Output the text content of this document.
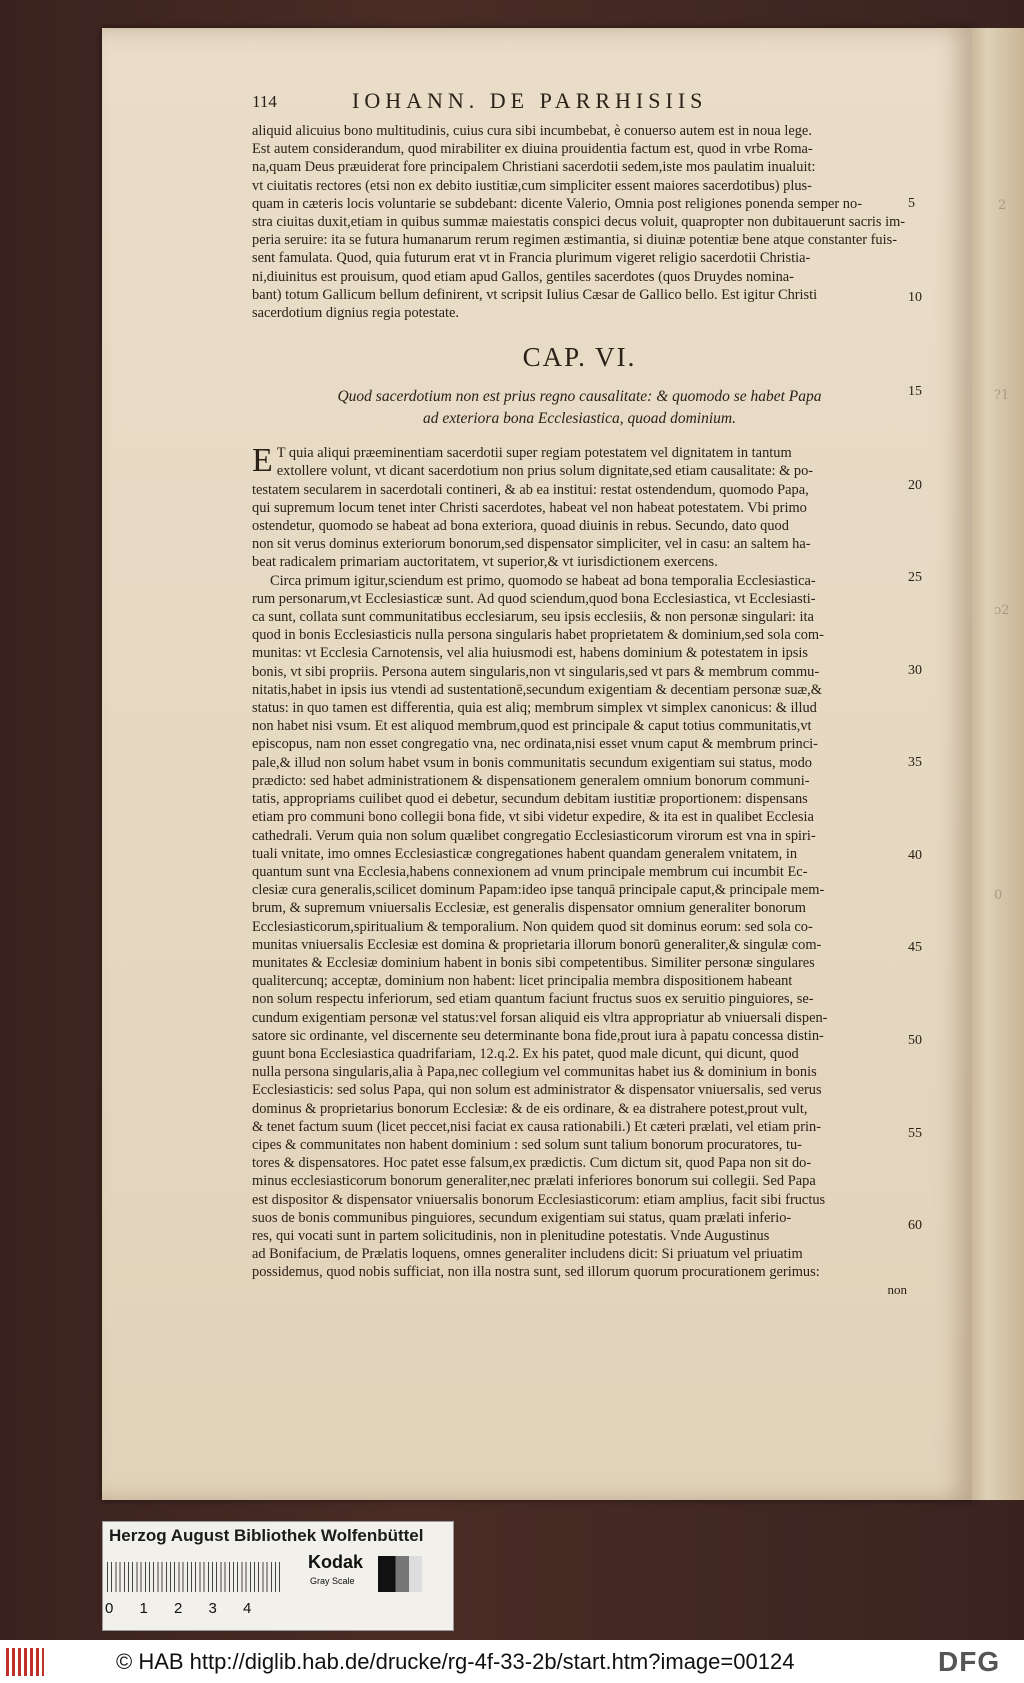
2
?1
ɔ2
0
114	IOHANN. DE PARRHISIIS

aliquid alicuius bono multitudinis, cuius cura sibi incumbebat, è conuerso autem est in noua lege.
Est autem considerandum, quod mirabiliter ex diuina prouidentia factum est, quod in vrbe Roma-
na,quam Deus præuiderat fore principalem Christiani sacerdotii sedem,iste mos paulatim inualuit:
vt ciuitatis rectores (etsi non ex debito iustitiæ,cum simpliciter essent maiores sacerdotibus) plus-
quam in cæteris locis voluntarie se subdebant: dicente Valerio, Omnia post religiones ponenda semper no-
stra ciuitas duxit,etiam in quibus summæ maiestatis conspici decus voluit, quapropter non dubitauerunt sacris im-
peria seruire: ita se futura humanarum rerum regimen æstimantia, si diuinæ potentiæ bene atque constanter fuis-
sent famulata. Quod, quia futurum erat vt in Francia plurimum vigeret religio sacerdotii Christia-
ni,diuinitus est prouisum, quod etiam apud Gallos, gentiles sacerdotes (quos Druydes nomina-
bant) totum Gallicum bellum definirent, vt scripsit Iulius Cæsar de Gallico bello. Est igitur Christi
sacerdotium dignius regia potestate.

CAP. VI.
Quod sacerdotium non est prius regno causalitate: & quomodo se habet Papa
ad exteriora bona Ecclesiastica, quoad dominium.

E T quia aliqui præeminentiam sacerdotii super regiam potestatem vel dignitatem in tantum
extollere volunt, vt dicant sacerdotium non prius solum dignitate,sed etiam causalitate: & po-
testatem secularem in sacerdotali contineri, & ab ea institui: restat ostendendum, quomodo Papa,
qui supremum locum tenet inter Christi sacerdotes, habeat vel non habeat potestatem. Vbi primo
ostendetur, quomodo se habeat ad bona exteriora, quoad diuinis in rebus. Secundo, dato quod
non sit verus dominus exteriorum bonorum,sed dispensator simpliciter, vel in casu: an saltem ha-
beat radicalem primariam auctoritatem, vt superior,& vt iurisdictionem exercens.
Circa primum igitur,sciendum est primo, quomodo se habeat ad bona temporalia Ecclesiastica-
rum personarum,vt Ecclesiasticæ sunt. Ad quod sciendum,quod bona Ecclesiastica, vt Ecclesiasti-
ca sunt, collata sunt communitatibus ecclesiarum, seu ipsis ecclesiis, & non personæ singulari: ita
quod in bonis Ecclesiasticis nulla persona singularis habet proprietatem & dominium,sed sola com-
munitas: vt Ecclesia Carnotensis, vel alia huiusmodi est, habens dominium & potestatem in ipsis
bonis, vt sibi propriis. Persona autem singularis,non vt singularis,sed vt pars & membrum commu-
nitatis,habet in ipsis ius vtendi ad sustentationē,secundum exigentiam & decentiam personæ suæ,&
status: in quo tamen est differentia, quia est aliq; membrum simplex vt simplex canonicus: & illud
non habet nisi vsum. Et est aliquod membrum,quod est principale & caput totius communitatis,vt
episcopus, nam non esset congregatio vna, nec ordinata,nisi esset vnum caput & membrum princi-
pale,& illud non solum habet vsum in bonis communitatis secundum exigentiam sui status, modo
prædicto: sed habet administrationem & dispensationem generalem omnium bonorum communi-
tatis, appropriams cuilibet quod ei debetur, secundum debitam iustitiæ proportionem: dispensans
etiam pro communi bono collegii bona fide, vt sibi videtur expedire, & ita est in qualibet Ecclesia
cathedrali. Verum quia non solum quælibet congregatio Ecclesiasticorum virorum est vna in spiri-
tuali vnitate, imo omnes Ecclesiasticæ congregationes habent quandam generalem vnitatem, in
quantum sunt vna Ecclesia,habens connexionem ad vnum principale membrum cui incumbit Ec-
clesiæ cura generalis,scilicet dominum Papam:ideo ipse tanquā principale caput,& principale mem-
brum, & supremum vniuersalis Ecclesiæ, est generalis dispensator omnium generaliter bonorum
Ecclesiasticorum,spiritualium & temporalium. Non quidem quod sit dominus eorum: sed sola co-
munitas vniuersalis Ecclesiæ est domina & proprietaria illorum bonorū generaliter,& singulæ com-
munitates & Ecclesiæ dominium habent in bonis sibi competentibus. Similiter personæ singulares
qualitercunq; acceptæ, dominium non habent: licet principalia membra dispositionem habeant
non solum respectu inferiorum, sed etiam quantum faciunt fructus suos ex seruitio pinguiores, se-
cundum exigentiam personæ vel status:vel forsan aliquid eis vltra appropriatur ab vniuersali dispen-
satore sic ordinante, vel discernente seu determinante bona fide,prout iura à papatu concessa distin-
guunt bona Ecclesiastica quadrifariam, 12.q.2. Ex his patet, quod male dicunt, qui dicunt, quod
nulla persona singularis,alia à Papa,nec collegium vel communitas habet ius & dominium in bonis
Ecclesiasticis: sed solus Papa, qui non solum est administrator & dispensator vniuersalis, sed verus
dominus & proprietarius bonorum Ecclesiæ: & de eis ordinare, & ea distrahere potest,prout vult,
& tenet factum suum (licet peccet,nisi faciat ex causa rationabili.) Et cæteri prælati, vel etiam prin-
cipes & communitates non habent dominium : sed solum sunt talium bonorum procuratores, tu-
tores & dispensatores. Hoc patet esse falsum,ex prædictis. Cum dictum sit, quod Papa non sit do-
minus ecclesiasticorum bonorum generaliter,nec prælati inferiores bonorum sui collegii. Sed Papa
est dispositor & dispensator vniuersalis bonorum Ecclesiasticorum: etiam amplius, facit sibi fructus
suos de bonis communibus pinguiores, secundum exigentiam sui status, quam prælati inferio-
res, qui vocati sunt in partem solicitudinis, non in plenitudine potestatis. Vnde Augustinus
ad Bonifacium, de Prælatis loquens, omnes generaliter includens dicit: Si priuatum vel priuatim
possidemus, quod nobis sufficiat, non illa nostra sunt, sed illorum quorum procurationem gerimus:

non
5
10
15
20
25
30
35
40
45
50
55
60
Herzog August Bibliothek Wolfenbüttel
0 1 2 3 4
Kodak
Gray Scale
© HAB http://diglib.hab.de/drucke/rg-4f-33-2b/start.htm?image=00124	DFG
